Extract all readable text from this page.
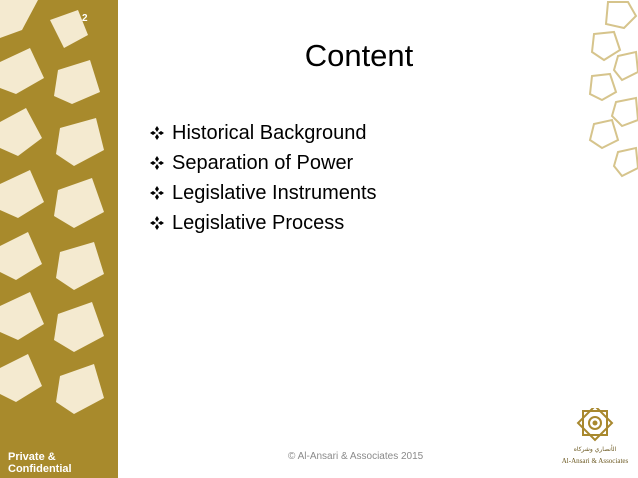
2
Private & Confidential
Content
Historical Background
Separation of Power
Legislative Instruments
Legislative Process
© Al-Ansari & Associates 2015
الأنصاري وشركاه
Al-Ansari & Associates
